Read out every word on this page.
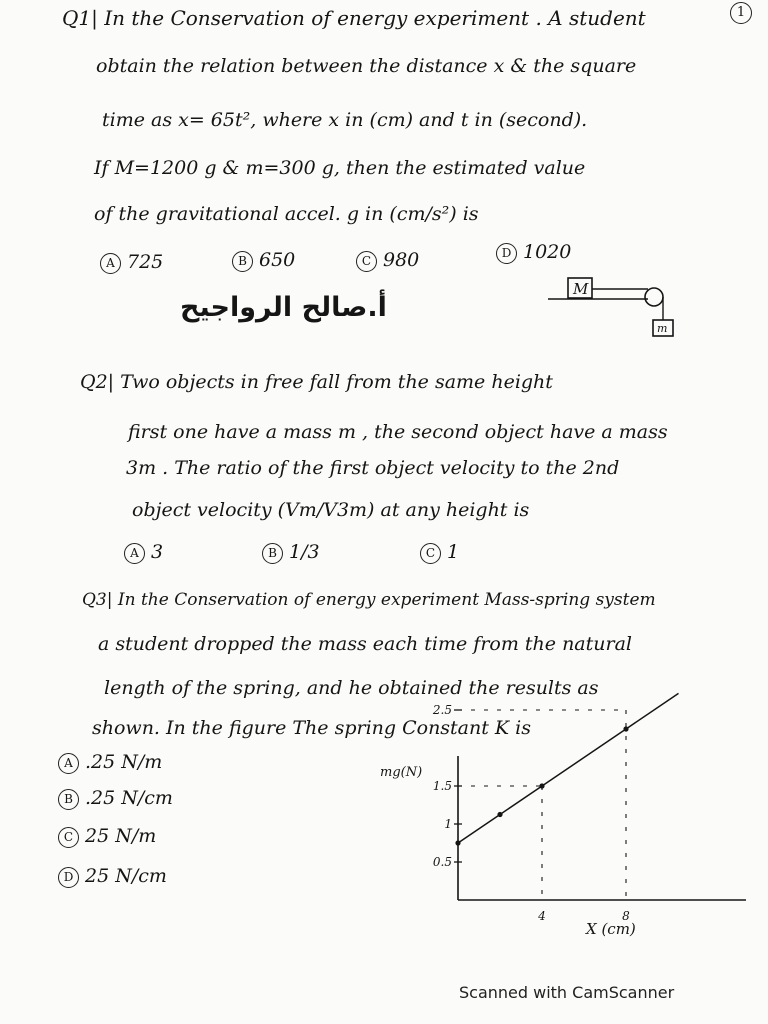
1
Q1| In the Conservation of energy experiment . A student
obtain the relation between the distance x & the square
time as x= 65t², where x in (cm) and t in (second).
If M=1200 g & m=300 g, then the estimated value
of the gravitational accel. g in (cm/s²) is
A 725	B 650	C 980	D 1020
أ.صالح الرواجيح
M
m
Q2| Two objects in free fall from the same height
first one have a mass m , the second object have a mass
3m . The ratio of the first object velocity to the 2nd
object velocity (Vm/V3m) at any height is
A 3	B 1/3	C 1
Q3| In the Conservation of energy experiment Mass-spring system
a student dropped the mass each time from the natural
length of the spring, and he obtained the results as
shown. In the figure The spring Constant K is
A .25 N/m
B .25 N/cm
C 25 N/m
D 25 N/cm
mg(N)
X (cm)
0.5
1
1.5
2.5
4	8
Scanned with CamScanner
